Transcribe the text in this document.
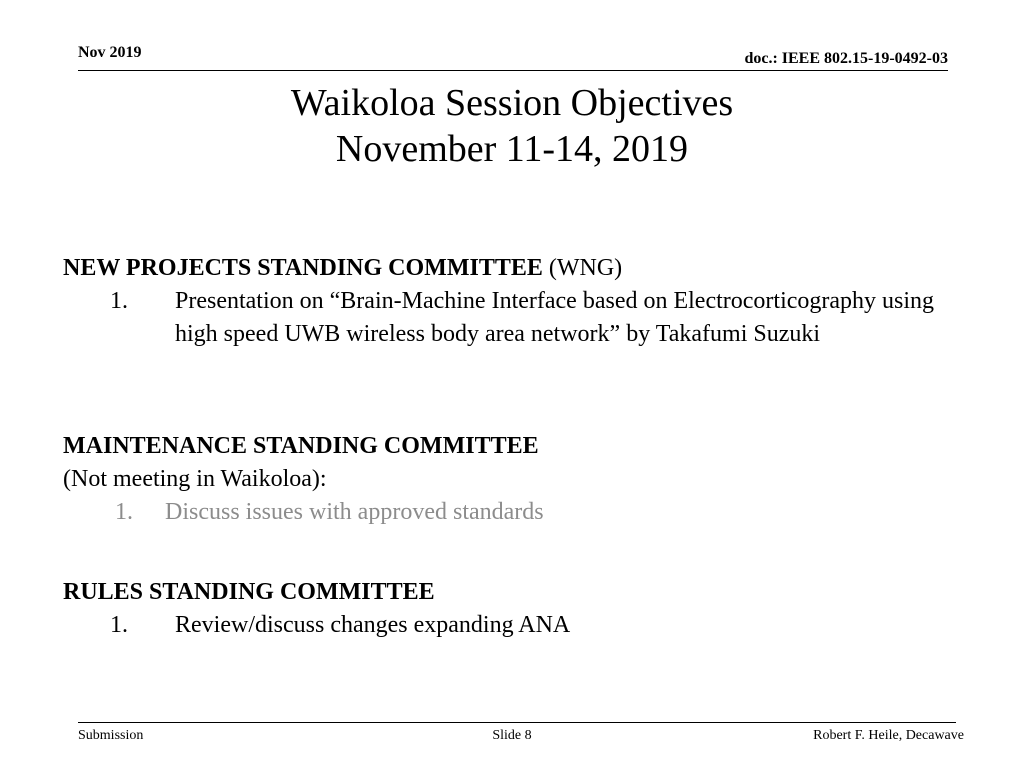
Nov 2019	doc.: IEEE 802.15-19-0492-03
Waikoloa Session Objectives
November 11-14, 2019
NEW PROJECTS STANDING COMMITTEE (WNG)
1. Presentation on “Brain-Machine Interface based on Electrocorticography using high speed UWB wireless body area network” by Takafumi Suzuki
MAINTENANCE STANDING COMMITTEE
(Not meeting in Waikoloa):
1. Discuss issues with approved standards
RULES STANDING COMMITTEE
1. Review/discuss changes expanding ANA
Submission	Slide 8	Robert F. Heile, Decawave
